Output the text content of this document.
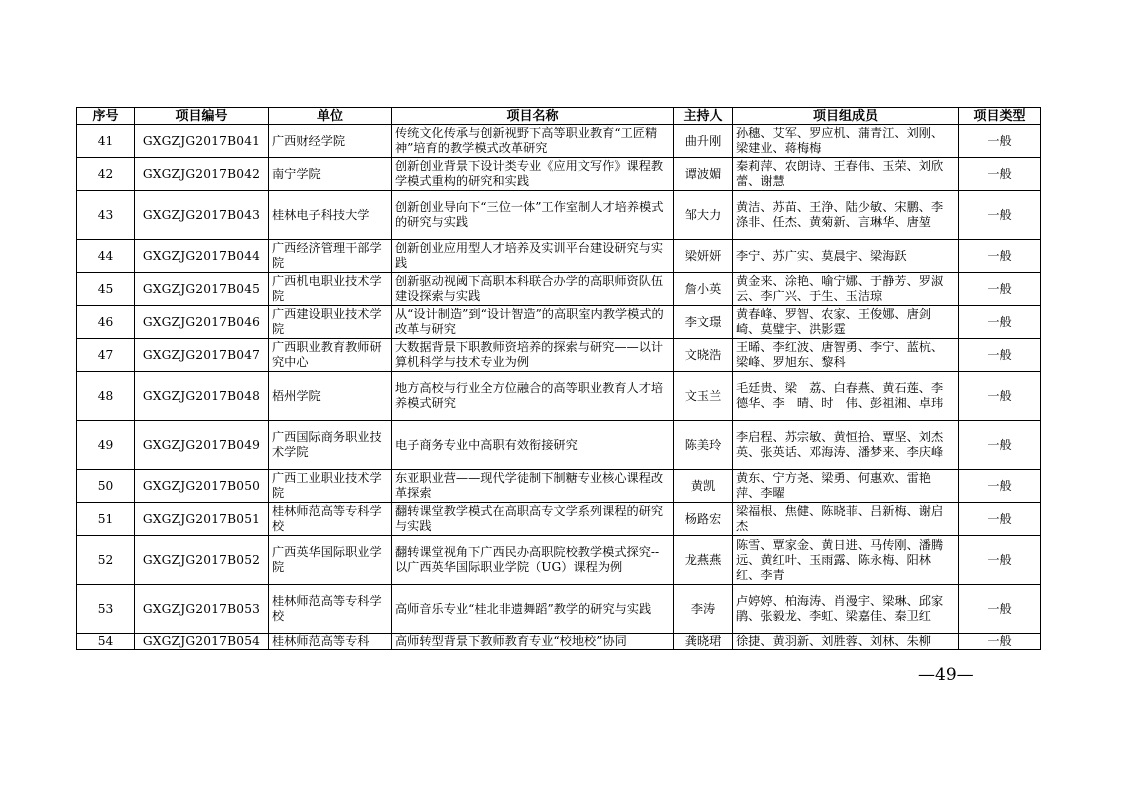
序号	项目编号	单位	项目名称	主持人	项目组成员	项目类型
41	GXGZJG2017B041	广西财经学院	传统文化传承与创新视野下高等职业教育“工匠精神”培育的教学模式改革研究	曲升刚	孙穗、艾军、罗应机、蒲青江、刘刚、梁建业、蒋梅梅	一般
42	GXGZJG2017B042	南宁学院	创新创业背景下设计类专业《应用文写作》课程教学模式重构的研究和实践	谭波媚	秦莉萍、农朗诗、王春伟、玉荣、刘欣蕾、谢慧	一般
43	GXGZJG2017B043	桂林电子科技大学	创新创业导向下“三位一体”工作室制人才培养模式的研究与实践	邹大力	黄洁、苏苗、王浄、陆少敏、宋鹏、李涤非、任杰、黄菊新、言琳华、唐堃	一般
44	GXGZJG2017B044	广西经济管理干部学院	创新创业应用型人才培养及实训平台建设研究与实践	梁妍妍	李宁、苏广实、莫晨宇、梁海跃	一般
45	GXGZJG2017B045	广西机电职业技术学院	创新驱动视阈下高职本科联合办学的高职师资队伍建设探索与实践	詹小英	黄金来、涂艳、喻宁娜、于静芳、罗淑云、李广兴、于生、玉洁琼	一般
46	GXGZJG2017B046	广西建设职业技术学院	从“设计制造”到“设计智造”的高职室内教学模式的改革与研究	李文璟	黄春峰、罗智、农家、王俊娜、唐剑崎、莫璧宇、洪影霆	一般
47	GXGZJG2017B047	广西职业教育教师研究中心	大数据背景下职教师资培养的探索与研究——以计算机科学与技术专业为例	文晓浩	王晞、李红波、唐智勇、李宁、蓝杭、梁峰、罗旭东、黎科	一般
48	GXGZJG2017B048	梧州学院	地方高校与行业全方位融合的高等职业教育人才培养模式研究	文玉兰	毛廷贵、梁　荔、白春燕、黄石莲、李德华、李　晴、时　伟、彭祖湘、卓玮	一般
49	GXGZJG2017B049	广西国际商务职业技术学院	电子商务专业中高职有效衔接研究	陈美玲	李启程、苏宗敏、黄恒拾、覃坚、刘杰英、张英话、邓海涛、潘梦来、李庆峰	一般
50	GXGZJG2017B050	广西工业职业技术学院	东亚职业营——现代学徒制下制糖专业核心课程改革探索	黄凯	黄东、宁方尧、梁勇、何惠欢、雷艳萍、李曜	一般
51	GXGZJG2017B051	桂林师范高等专科学校	翻转课堂教学模式在高职高专文学系列课程的研究与实践	杨路宏	梁福根、焦健、陈晓菲、吕新梅、谢启杰	一般
52	GXGZJG2017B052	广西英华国际职业学院	翻转课堂视角下广西民办高职院校教学模式探究--以广西英华国际职业学院（UG）课程为例	龙燕燕	陈雪、覃家金、黄日进、马传刚、潘腾远、黄红叶、玉雨露、陈永梅、阳林红、李青	一般
53	GXGZJG2017B053	桂林师范高等专科学校	高师音乐专业“桂北非遗舞蹈”教学的研究与实践	李涛	卢婷婷、柏海涛、肖漫宇、梁琳、邱家鹃、张毅龙、李虹、梁嘉佳、秦卫红	一般
54	GXGZJG2017B054	桂林师范高等专科	高师转型背景下教师教育专业“校地校”协同	龚晓珺	徐捷、黄羽新、刘胜蓉、刘林、朱柳	一般
—49—
